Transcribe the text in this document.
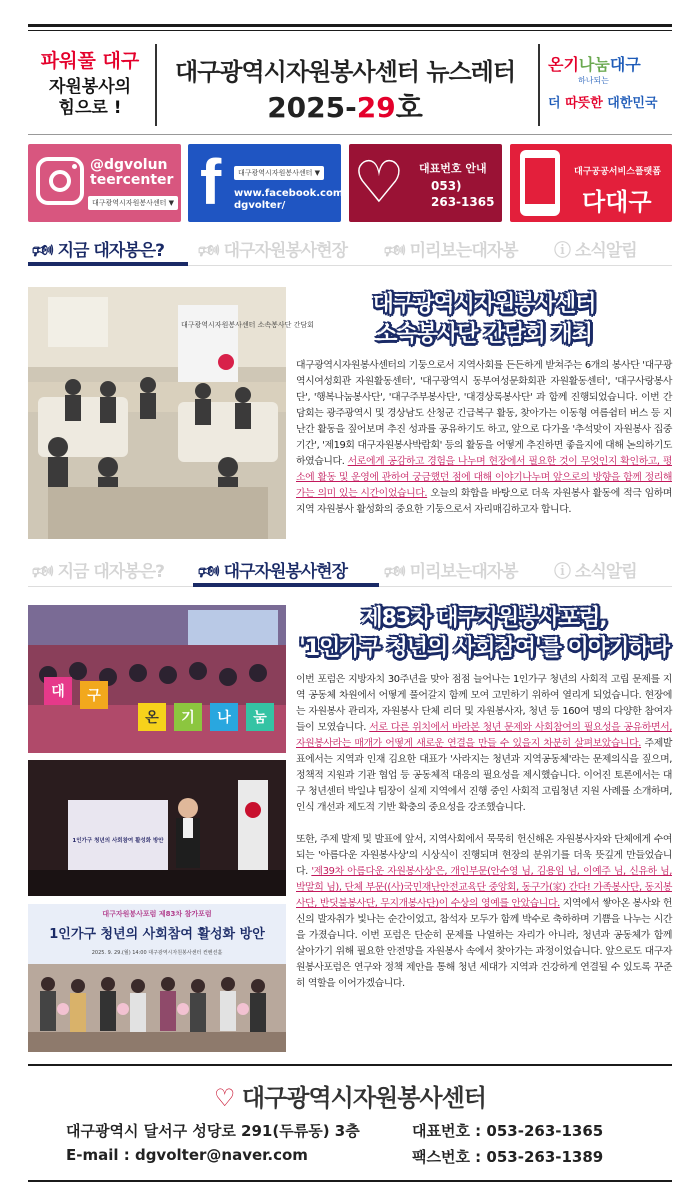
파워풀 대구
자원봉사의
힘으로 !
대구광역시자원봉사센터 뉴스레터
2025-29호
온기나눔대구
하나되는
더 따뜻한 대한민국
@dgvolun teercenter
대구광역시자원봉사센터 ▼ f	대구광역시자원봉사센터 ▼
www.facebook.com/ dgvolter/	♡ 대표번호 안내
053) 263-1365
대구공공서비스플랫폼
다대구
🕬 지금 대자봉은? 🕬 대구자원봉사현장 🕬 미리보는대자봉 ⓘ 소식알림
대구광역시자원봉사센터 소속봉사단 간담회
대구광역시자원봉사센터
소속봉사단 간담회 개최
대구광역시자원봉사센터의 기둥으로서 지역사회를 든든하게 받쳐주는 6개의 봉사단 '대구광역시여성회관 자원활동센터', '대구광역시 동부여성문화회관 자원활동센터', '대구사랑봉사단', '행복나눔봉사단', '대구주부봉사단', '대경상록봉사단' 과 함께 진행되었습니다. 이번 간담회는 광주광역시 및 경상남도 산청군 긴급복구 활동, 찾아가는 이동형 여름쉼터 버스 등 지난간 활동을 짚어보며 추진 성과를 공유하기도 하고, 앞으로 다가올 '추석맞이 자원봉사 집중기간', '제19회 대구자원봉사박람회' 등의 활동을 어떻게 추진하면 좋을지에 대해 논의하기도 하였습니다. 서로에게 공감하고 경험을 나누며 현장에서 필요한 것이 무엇인지 확인하고, 평소에 활동 및 운영에 관하여 궁금했던 점에 대해 이야기나누며 앞으로의 방향을 함께 정리해 가는 의미 있는 시간이었습니다. 오늘의 화합을 바탕으로 더욱 자원봉사 활동에 적극 임하며 지역 자원봉사 활성화의 중요한 기둥으로서 자리매김하고자 합니다.
🕬 지금 대자봉은? 🕬 대구자원봉사현장 🕬 미리보는대자봉 ⓘ 소식알림
대 구
온 기 나 눔
1인가구 청년의 사회참여 활성화 방안
대구자원봉사포럼 제83차 참가포럼
1인가구 청년의 사회참여 활성화 방안
2025. 9. 29.(월) 14:00 대구광역시자원봉사센터 컨벤션홀
제83차 대구자원봉사포럼,
'1인가구 청년의 사회참여'를 이야기하다
이번 포럼은 지방자치 30주년을 맞아 점점 늘어나는 1인가구 청년의 사회적 고립 문제를 지역 공동체 차원에서 어떻게 풀어갈지 함께 모여 고민하기 위하여 열리게 되었습니다. 현장에는 자원봉사 관리자, 자원봉사 단체 리더 및 자원봉사자, 청년 등 160여 명의 다양한 참여자들이 모였습니다. 서로 다른 위치에서 바라본 청년 문제와 사회참여의 필요성을 공유하면서, 자원봉사라는 매개가 어떻게 새로운 연결을 만들 수 있을지 차분히 살펴보았습니다. 주제발표에서는 지역과 인재 김요한 대표가 '사라지는 청년과 지역공동체'라는 문제의식을 짚으며, 정책적 지원과 기관 협업 등 공동체적 대응의 필요성을 제시했습니다. 이어진 토론에서는 대구 청년센터 박일냐 팀장이 실제 지역에서 진행 중인 사회적 고립청년 지원 사례를 소개하며, 인식 개선과 제도적 기반 확충의 중요성을 강조했습니다.
또한, 주제 발제 및 발표에 앞서, 지역사회에서 묵묵히 헌신해온 자원봉사자와 단체에게 수여되는 '아름다운 자원봉사상'의 시상식이 진행되며 현장의 분위기를 더욱 뜻깊게 만들었습니다. '제39차 아름다운 자원봉사상'은, 개인부문(안수영 님, 김용임 님, 이예주 님, 신유하 님, 박말희 님), 단체 부문((사)국민재난안전교육단 중앙회, 동구가(家) 간다! 가족봉사단, 동지봉사단, 반딧불봉사단, 무지개봉사단)이 수상의 영예를 안았습니다. 지역에서 쌓아온 봉사와 헌신의 발자취가 빛나는 순간이었고, 참석자 모두가 함께 박수로 축하하며 기쁨을 나누는 시간을 가졌습니다. 이번 포럼은 단순히 문제를 나열하는 자리가 아니라, 청년과 공동체가 함께 살아가기 위해 필요한 안전망을 자원봉사 속에서 찾아가는 과정이었습니다. 앞으로도 대구자원봉사포럼은 연구와 정책 제안을 통해 청년 세대가 지역과 건강하게 연결될 수 있도록 꾸준히 역할을 이어가겠습니다.
♡ 대구광역시자원봉사센터
대구광역시 달서구 성당로 291(두류동) 3층
E-mail : dgvolter@naver.com
대표번호 : 053-263-1365
팩스번호 : 053-263-1389
